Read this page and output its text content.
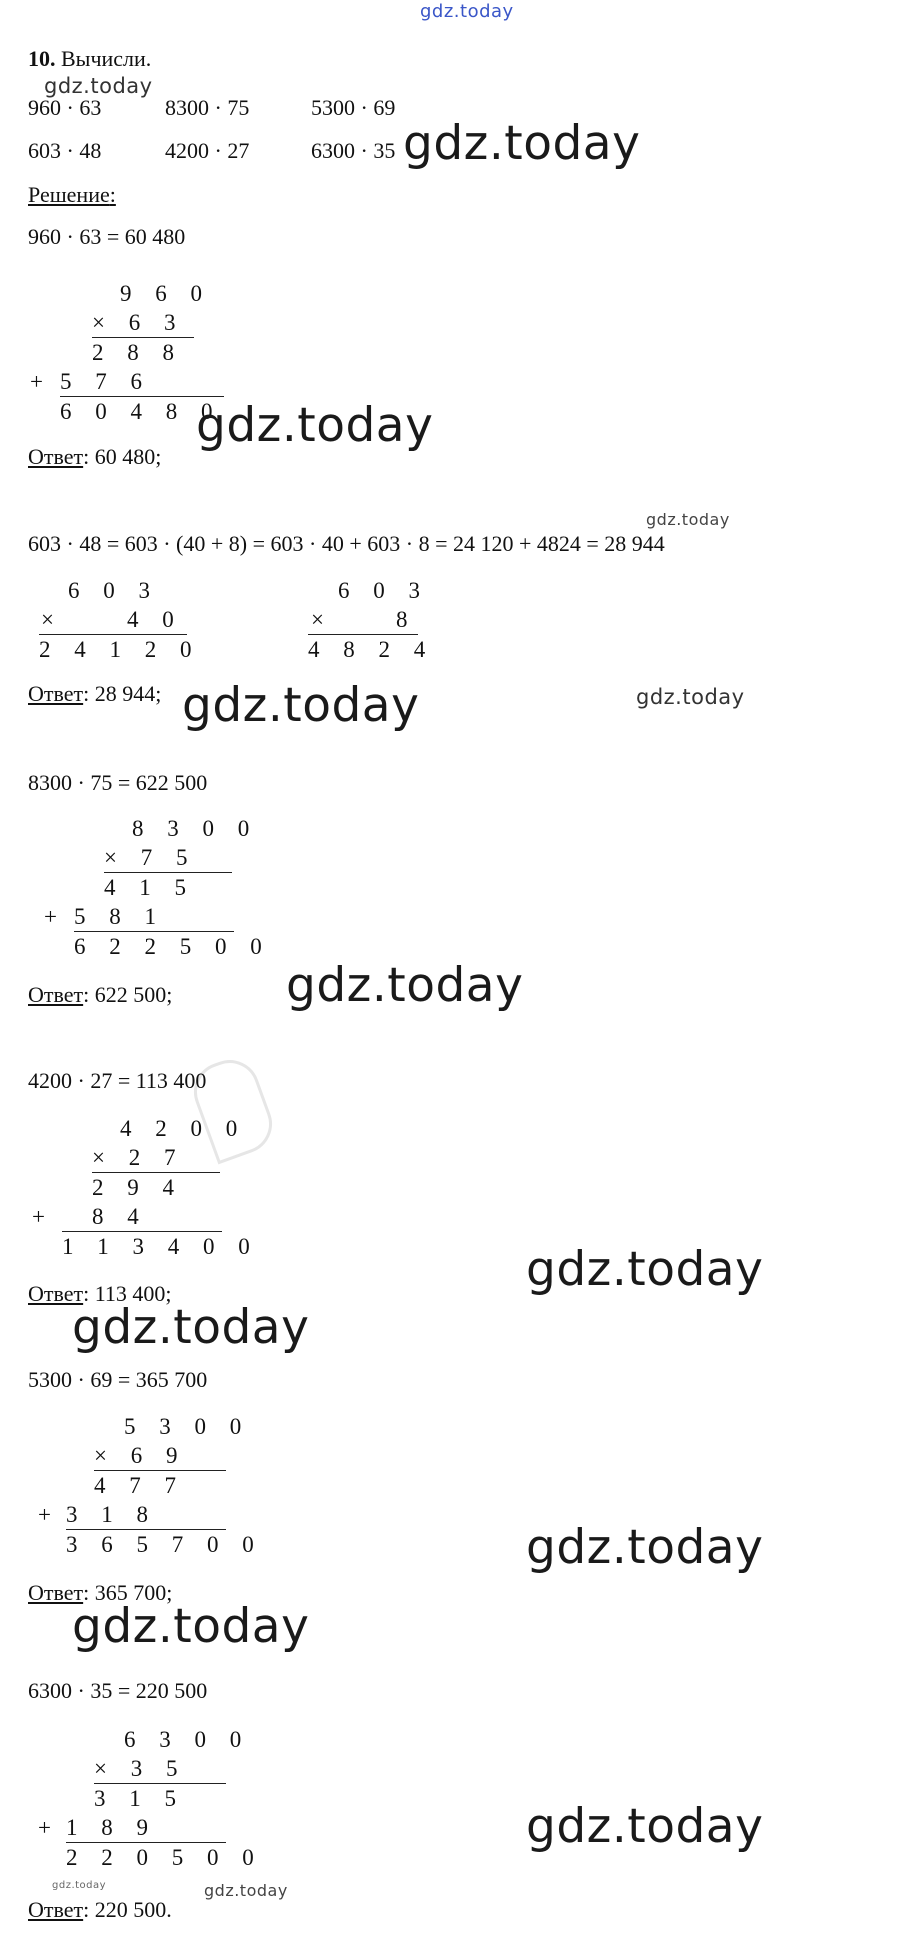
gdz.today
10. Вычисли.
gdz.today
960 · 63	8300 · 75	5300 · 69
603 · 48	4200 · 27	6300 · 35 gdz.today
Решение:
960 · 63 = 60 480
9 6 0
× 6 3
2 8 8
+ 5 7 6
6 0 4 8 0
gdz.today
Ответ: 60 480;
gdz.today
603 · 48 = 603 · (40 + 8) = 603 · 40 + 603 · 8 = 24 120 + 4824 = 28 944
6 0 3
×	4 0
2 4 1 2 0
6 0 3
×	8
4 8 2 4
Ответ: 28 944; gdz.today	gdz.today
8300 · 75 = 622 500
8 3 0 0
× 7 5
4 1 5
+ 5 8 1
6 2 2 5 0 0
Ответ: 622 500; gdz.today
4200 · 27 = 113 400
4 2 0 0
× 2 7
2 9 4
+ 8 4
1 1 3 4 0 0	gdz.today
Ответ: 113 400;
gdz.today
5300 · 69 = 365 700
5 3 0 0
× 6 9
4 7 7
+ 3 1 8
3 6 5 7 0 0	gdz.today
Ответ: 365 700;
gdz.today
6300 · 35 = 220 500
6 3 0 0
× 3 5
3 1 5
+ 1 8 9
2 2 0 5 0 0
gdz.today
gdz.today	gdz.today
Ответ: 220 500.
